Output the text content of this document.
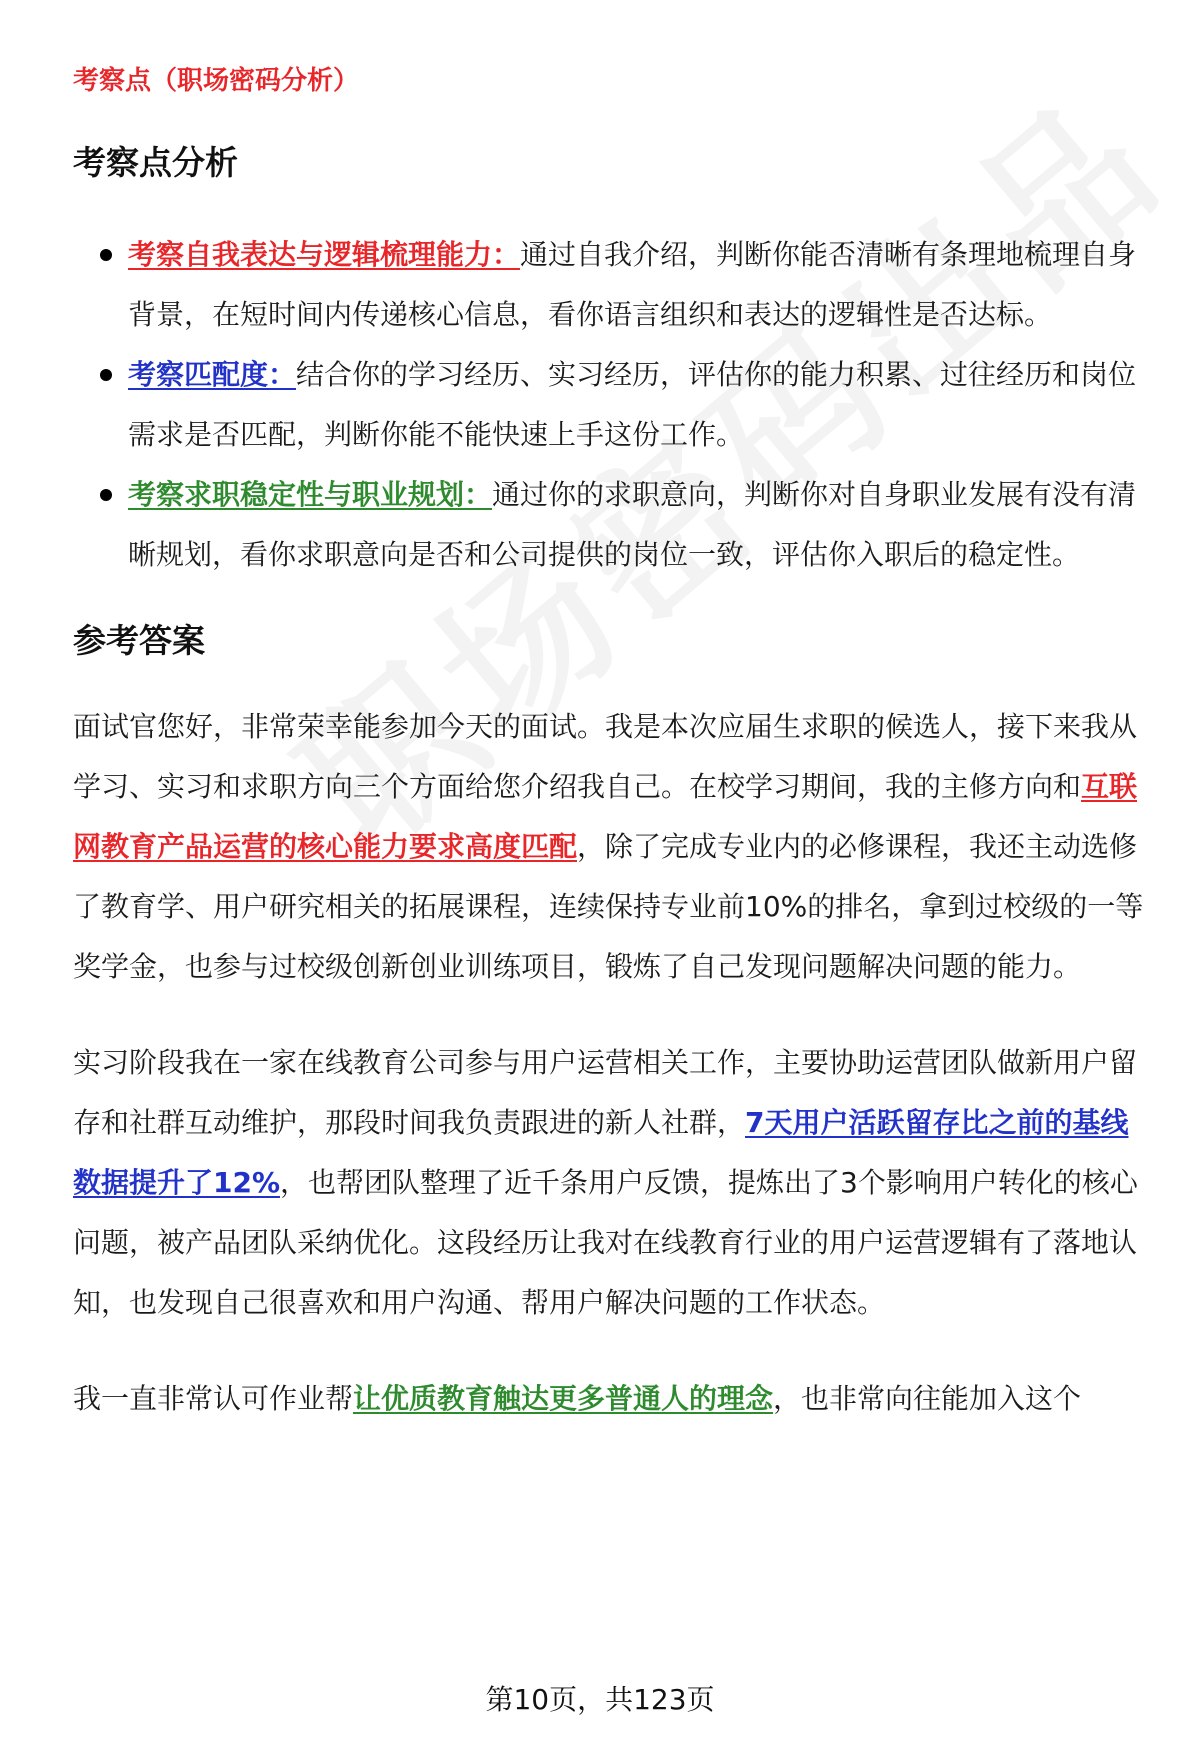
考察点（职场密码分析）
考察点分析
考察自我表达与逻辑梳理能力：通过自我介绍，判断你能否清晰有条理地梳理自身背景，在短时间内传递核心信息，看你语言组织和表达的逻辑性是否达标。
考察匹配度：结合你的学习经历、实习经历，评估你的能力积累、过往经历和岗位需求是否匹配，判断你能不能快速上手这份工作。
考察求职稳定性与职业规划：通过你的求职意向，判断你对自身职业发展有没有清晰规划，看你求职意向是否和公司提供的岗位一致，评估你入职后的稳定性。
参考答案

面试官您好，非常荣幸能参加今天的面试。我是本次应届生求职的候选人，接下来我从学习、实习和求职方向三个方面给您介绍我自己。在校学习期间，我的主修方向和互联网教育产品运营的核心能力要求高度匹配，除了完成专业内的必修课程，我还主动选修了教育学、用户研究相关的拓展课程，连续保持专业前10%的排名，拿到过校级的一等奖学金，也参与过校级创新创业训练项目，锻炼了自己发现问题解决问题的能力。

实习阶段我在一家在线教育公司参与用户运营相关工作，主要协助运营团队做新用户留存和社群互动维护，那段时间我负责跟进的新人社群，7天用户活跃留存比之前的基线数据提升了12%，也帮团队整理了近千条用户反馈，提炼出了3个影响用户转化的核心问题，被产品团队采纳优化。这段经历让我对在线教育行业的用户运营逻辑有了落地认知，也发现自己很喜欢和用户沟通、帮用户解决问题的工作状态。

我一直非常认可作业帮让优质教育触达更多普通人的理念，也非常向往能加入这个

第10页，共123页
